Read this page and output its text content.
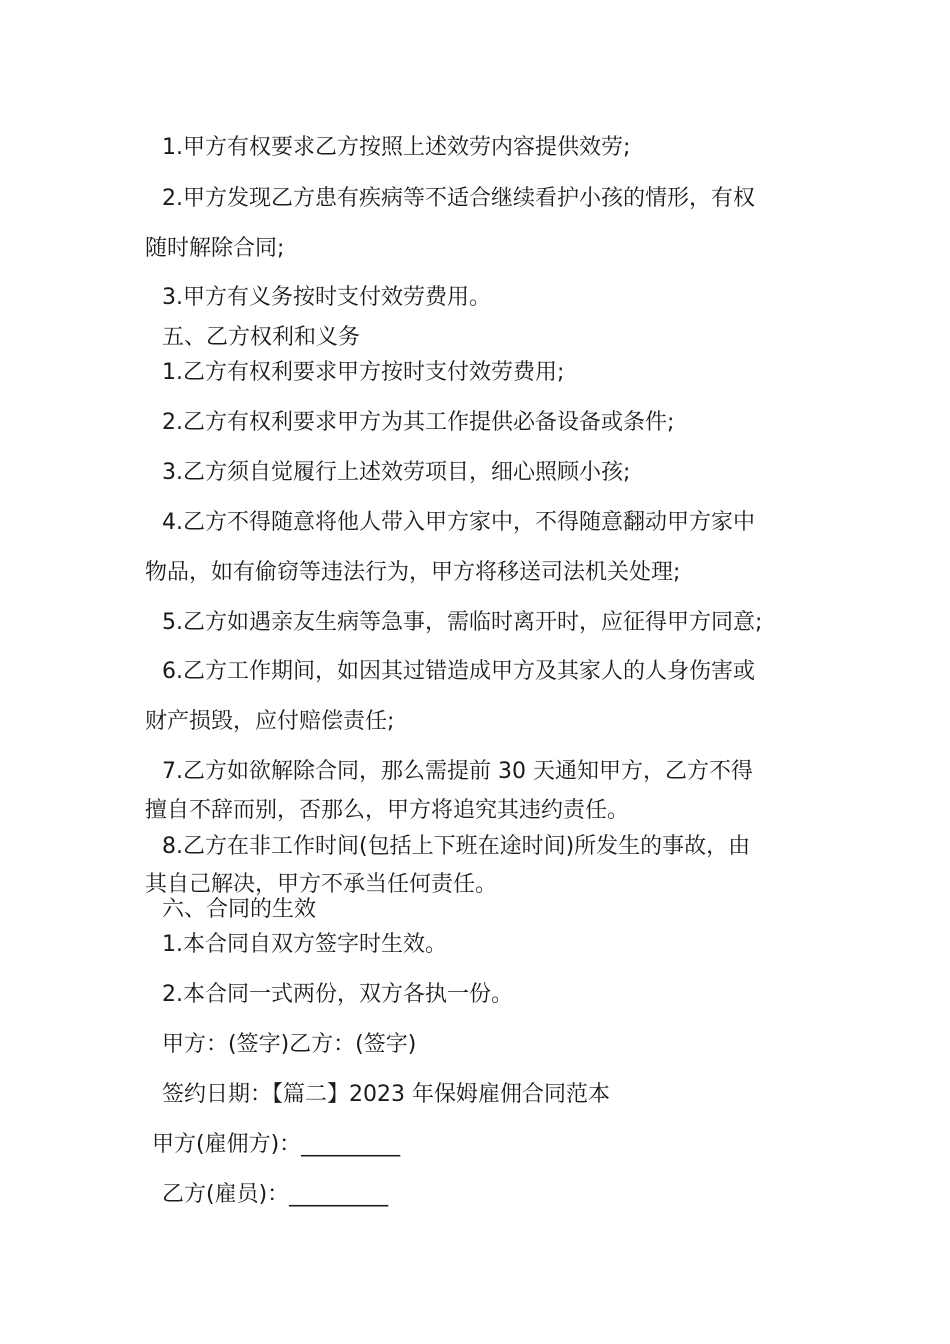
1.甲方有权要求乙方按照上述效劳内容提供效劳;
2.甲方发现乙方患有疾病等不适合继续看护小孩的情形，有权
随时解除合同;
3.甲方有义务按时支付效劳费用。
五、乙方权利和义务
1.乙方有权利要求甲方按时支付效劳费用;
2.乙方有权利要求甲方为其工作提供必备设备或条件;
3.乙方须自觉履行上述效劳项目，细心照顾小孩;
4.乙方不得随意将他人带入甲方家中，不得随意翻动甲方家中
物品，如有偷窃等违法行为，甲方将移送司法机关处理;
5.乙方如遇亲友生病等急事，需临时离开时，应征得甲方同意;
6.乙方工作期间，如因其过错造成甲方及其家人的人身伤害或
财产损毁，应付赔偿责任;
7.乙方如欲解除合同，那么需提前 30 天通知甲方，乙方不得
擅自不辞而别，否那么，甲方将追究其违约责任。
8.乙方在非工作时间(包括上下班在途时间)所发生的事故，由
其自己解决，甲方不承当任何责任。
六、合同的生效
1.本合同自双方签字时生效。
2.本合同一式两份，双方各执一份。
甲方：(签字)乙方：(签字)
签约日期：【篇二】2023 年保姆雇佣合同范本
甲方(雇佣方)：_________
乙方(雇员)：_________
